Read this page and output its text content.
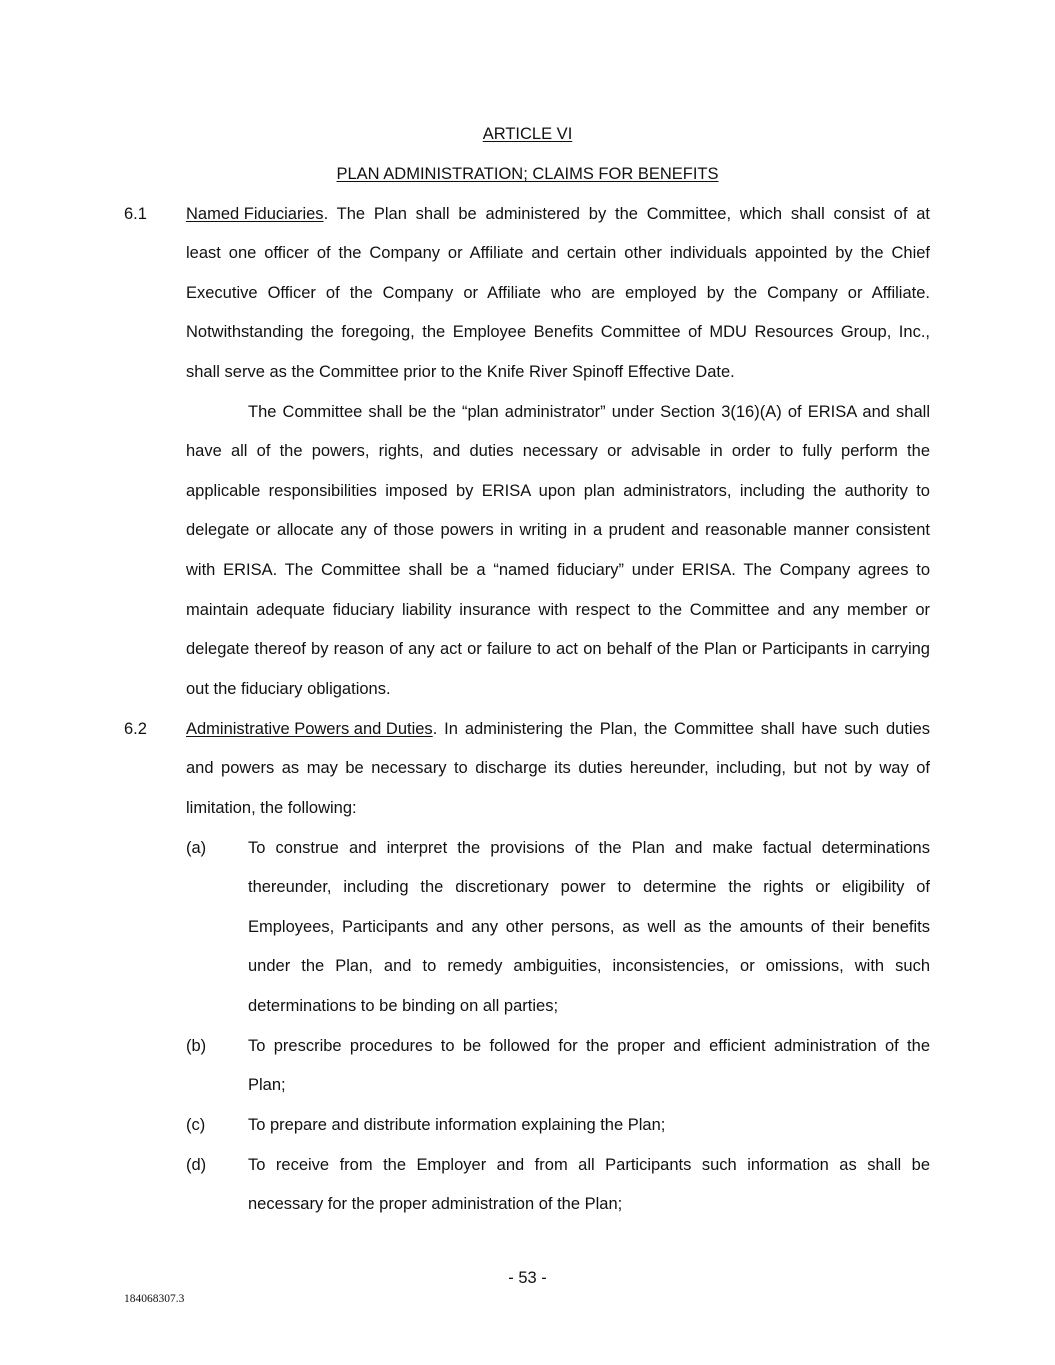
ARTICLE VI
PLAN ADMINISTRATION; CLAIMS FOR BENEFITS
6.1 Named Fiduciaries . The Plan shall be administered by the Committee, which shall consist of at
least one officer of the Company or Affiliate and certain other individuals appointed by the Chief
Executive Officer of the Company or Affiliate who are employed by the Company or Affiliate.
Notwithstanding the foregoing, the Employee Benefits Committee of MDU Resources Group, Inc.,
shall serve as the Committee prior to the Knife River Spinoff Effective Date.
The Committee shall be the “plan administrator” under Section 3(16)(A) of ERISA and shall
have all of the powers, rights, and duties necessary or advisable in order to fully perform the
applicable responsibilities imposed by ERISA upon plan administrators, including the authority to
delegate or allocate any of those powers in writing in a prudent and reasonable manner consistent
with ERISA. The Committee shall be a “named fiduciary” under ERISA. The Company agrees to
maintain adequate fiduciary liability insurance with respect to the Committee and any member or
delegate thereof by reason of any act or failure to act on behalf of the Plan or Participants in carrying
out the fiduciary obligations.
6.2 Administrative Powers and Duties . In administering the Plan, the Committee shall have such duties
and powers as may be necessary to discharge its duties hereunder, including, but not by way of
limitation, the following:
(a)	To construe and interpret the provisions of the Plan and make factual determinations
thereunder, including the discretionary power to determine the rights or eligibility of
Employees, Participants and any other persons, as well as the amounts of their benefits
under the Plan, and to remedy ambiguities, inconsistencies, or omissions, with such
determinations to be binding on all parties;
(b)	To prescribe procedures to be followed for the proper and efficient administration of the
Plan;
(c)	To prepare and distribute information explaining the Plan;
(d)	To receive from the Employer and from all Participants such information as shall be
necessary for the proper administration of the Plan;
- 53 -
184068307.3
